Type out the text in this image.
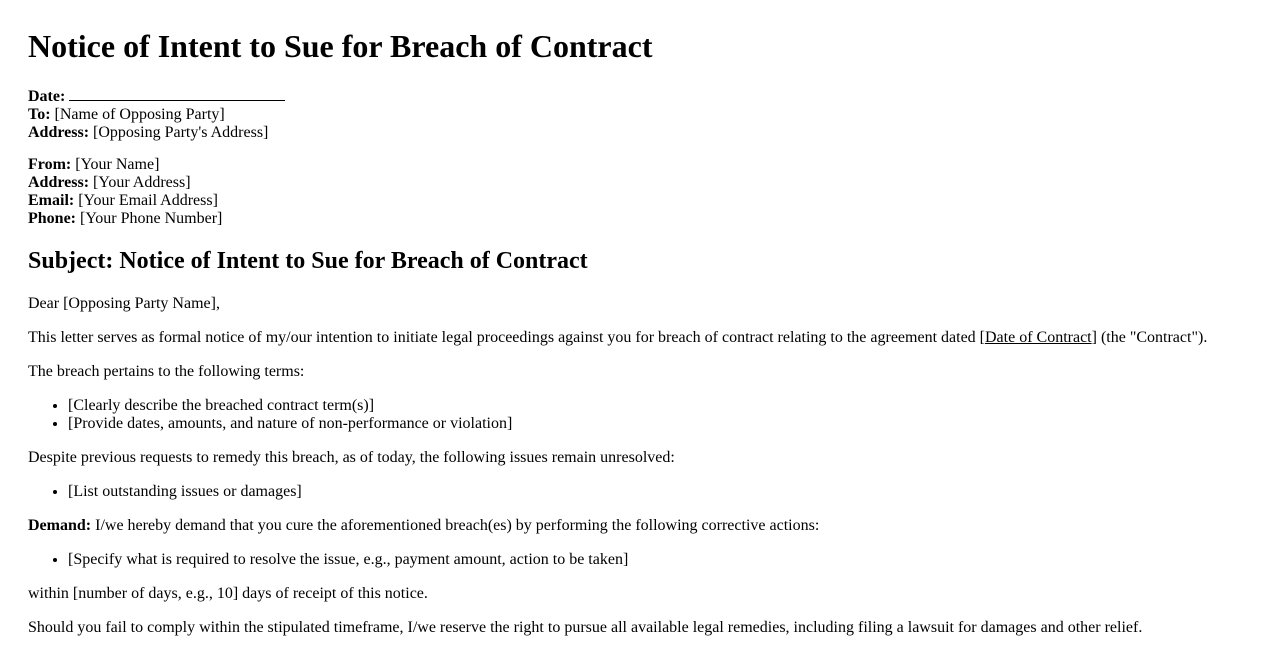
Notice of Intent to Sue for Breach of Contract
Date:
To: [Name of Opposing Party]
Address: [Opposing Party's Address]
From: [Your Name]
Address: [Your Address]
Email: [Your Email Address]
Phone: [Your Phone Number]
Subject: Notice of Intent to Sue for Breach of Contract
Dear [Opposing Party Name],
This letter serves as formal notice of my/our intention to initiate legal proceedings against you for breach of contract relating to the agreement dated [Date of Contract] (the "Contract").
The breach pertains to the following terms:
• [Clearly describe the breached contract term(s)]
• [Provide dates, amounts, and nature of non-performance or violation]
Despite previous requests to remedy this breach, as of today, the following issues remain unresolved:
• [List outstanding issues or damages]
Demand: I/we hereby demand that you cure the aforementioned breach(es) by performing the following corrective actions:
• [Specify what is required to resolve the issue, e.g., payment amount, action to be taken]
within [number of days, e.g., 10] days of receipt of this notice.
Should you fail to comply within the stipulated timeframe, I/we reserve the right to pursue all available legal remedies, including filing a lawsuit for damages and other relief.
